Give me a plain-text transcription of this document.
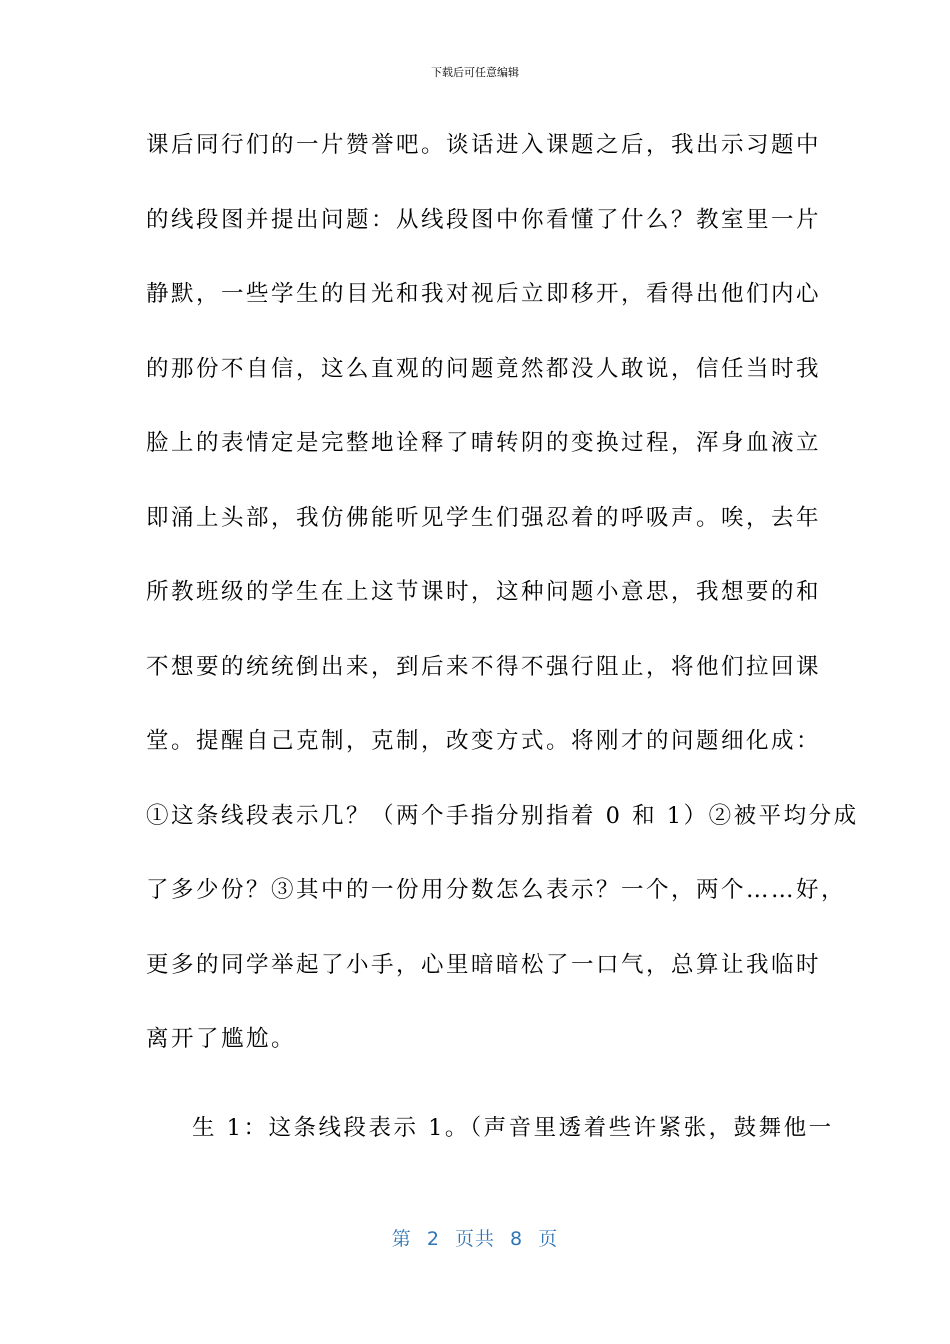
下载后可任意编辑
课后同行们的一片赞誉吧。谈话进入课题之后，我出示习题中
的线段图并提出问题：从线段图中你看懂了什么？教室里一片
静默，一些学生的目光和我对视后立即移开，看得出他们内心
的那份不自信，这么直观的问题竟然都没人敢说，信任当时我
脸上的表情定是完整地诠释了晴转阴的变换过程，浑身血液立
即涌上头部，我仿佛能听见学生们强忍着的呼吸声。唉，去年
所教班级的学生在上这节课时，这种问题小意思，我想要的和
不想要的统统倒出来，到后来不得不强行阻止，将他们拉回课
堂。提醒自己克制，克制，改变方式。将刚才的问题细化成：
①这条线段表示几？（两个手指分别指着 0 和 1）②被平均分成
了多少份？③其中的一份用分数怎么表示？一个，两个……好，
更多的同学举起了小手，心里暗暗松了一口气，总算让我临时
离开了尴尬。
生 1：这条线段表示 1。（声音里透着些许紧张，鼓舞他一
第 2 页共 8 页
